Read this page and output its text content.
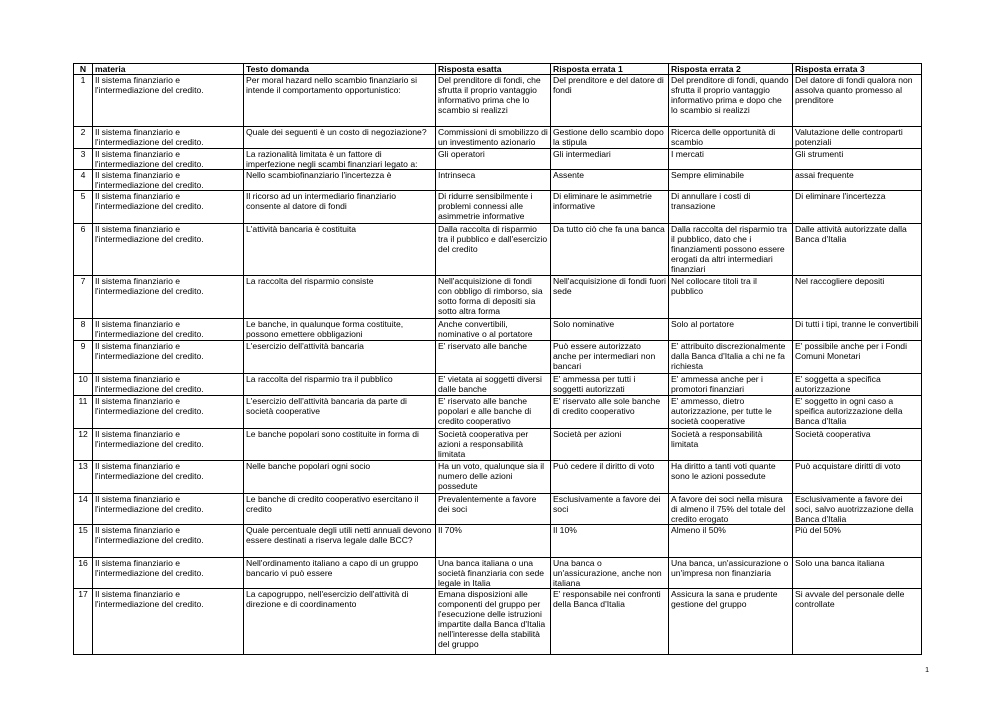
N	materia	Testo domanda	Risposta esatta	Risposta errata 1	Risposta errata 2	Risposta errata 3
1	Il sistema finanziario e l'intermediazione del credito.	Per moral hazard nello scambio finanziario si intende il comportamento opportunistico:	Del prenditore di fondi, che sfrutta il proprio vantaggio informativo prima che lo scambio si realizzi	Del prenditore e del datore di fondi	Del prenditore di fondi, quando sfrutta il proprio vantaggio informativo prima e dopo che lo scambio si realizzi	Del datore di fondi qualora non assolva quanto promesso al prenditore
2	Il sistema finanziario e l'intermediazione del credito.	Quale dei seguenti è un costo di negoziazione?	Commissioni di smobilizzo di un investimento azionario	Gestione dello scambio dopo la stipula	Ricerca delle opportunità di scambio	Valutazione delle controparti potenziali
3	Il sistema finanziario e l'intermediazione del credito.	La razionalità limitata è un fattore di imperfezione negli scambi finanziari legato a:	Gli operatori	Gli intermediari	I mercati	Gli strumenti
4	Il sistema finanziario e l'intermediazione del credito.	Nello scambiofinanziario l'incertezza è	Intrinseca	Assente	Sempre eliminabile	assai frequente
5	Il sistema finanziario e l'intermediazione del credito.	Il ricorso ad un intermediario finanziario consente al datore di fondi	Di ridurre sensibilmente i problemi connessi alle asimmetrie informative	Di eliminare le asimmetrie informative	Di annullare i costi di transazione	Di eliminare l'incertezza
6	Il sistema finanziario e l'intermediazione del credito.	L'attività bancaria è costituita	Dalla raccolta di risparmio tra il pubblico e dall'esercizio del credito	Da tutto ciò che fa una banca	Dalla raccolta del risparmio tra il pubblico, dato che i finanziamenti possono essere erogati da altri intermediari finanziari	Dalle attività autorizzate dalla Banca d'Italia
7	Il sistema finanziario e l'intermediazione del credito.	La raccolta del risparmio consiste	Nell'acquisizione di fondi con obbligo di rimborso, sia sotto forma di depositi sia sotto altra forma	Nell'acquisizione di fondi fuori sede	Nel collocare titoli tra il pubblico	Nel raccogliere depositi
8	Il sistema finanziario e l'intermediazione del credito.	Le banche, in qualunque forma costituite, possono emettere obbligazioni	Anche convertibili, nominative o al portatore	Solo nominative	Solo al portatore	Di tutti i tipi, tranne le convertibili
9	Il sistema finanziario e l'intermediazione del credito.	L'esercizio dell'attività bancaria	E' riservato alle banche	Può essere autorizzato anche per intermediari non bancari	E' attribuito discrezionalmente dalla Banca d'Italia a chi ne fa richiesta	E' possibile anche per i Fondi Comuni Monetari
10	Il sistema finanziario e l'intermediazione del credito.	La raccolta del risparmio tra il pubblico	E' vietata ai soggetti diversi dalle banche	E' ammessa per tutti i soggetti autorizzati	E' ammessa anche per i promotori finanziari	E' soggetta a specifica autorizzazione
11	Il sistema finanziario e l'intermediazione del credito.	L'esercizio dell'attività bancaria da parte di società cooperative	E' riservato alle banche popolari e alle banche di credito cooperativo	E' riservato alle sole banche di credito cooperativo	E' ammesso, dietro autorizzazione, per tutte le società cooperative	E' soggetto in ogni caso a speifica autorizzazione della Banca d'Italia
12	Il sistema finanziario e l'intermediazione del credito.	Le banche popolari sono costituite in forma di	Società cooperativa per azioni a responsabilità limitata	Società per azioni	Società a responsabilità limitata	Società cooperativa
13	Il sistema finanziario e l'intermediazione del credito.	Nelle banche popolari ogni socio	Ha un voto, qualunque sia il numero delle azioni possedute	Può cedere il diritto di voto	Ha diritto a tanti voti quante sono le azioni possedute	Può acquistare diritti di voto
14	Il sistema finanziario e l'intermediazione del credito.	Le banche di credito cooperativo esercitano il credito	Prevalentemente a favore dei soci	Esclusivamente a favore dei soci	A favore dei soci nella misura di almeno il 75% del totale del credito erogato	Esclusivamente a favore dei soci, salvo auotrizzazione della Banca d'Italia
15	Il sistema finanziario e l'intermediazione del credito.	Quale percentuale degli utili netti annuali devono essere destinati a riserva legale dalle BCC?	Il 70%	Il 10%	Almeno il 50%	Più del 50%
16	Il sistema finanziario e l'intermediazione del credito.	Nell'ordinamento italiano a capo di un gruppo bancario vi può essere	Una banca italiana o una società finanziaria con sede legale in Italia	Una banca o un'assicurazione, anche non italiana	Una banca, un'assicurazione o un'impresa non finanziaria	Solo una banca italiana
17	Il sistema finanziario e l'intermediazione del credito.	La capogruppo, nell'esercizio dell'attività di direzione e di coordinamento	Emana disposizioni alle componenti del gruppo per l'esecuzione delle istruzioni impartite dalla Banca d'Italia nell'interesse della stabilità del gruppo	E' responsabile nei confronti della Banca d'Italia	Assicura la sana e prudente gestione del gruppo	Si avvale del personale delle controllate
1
